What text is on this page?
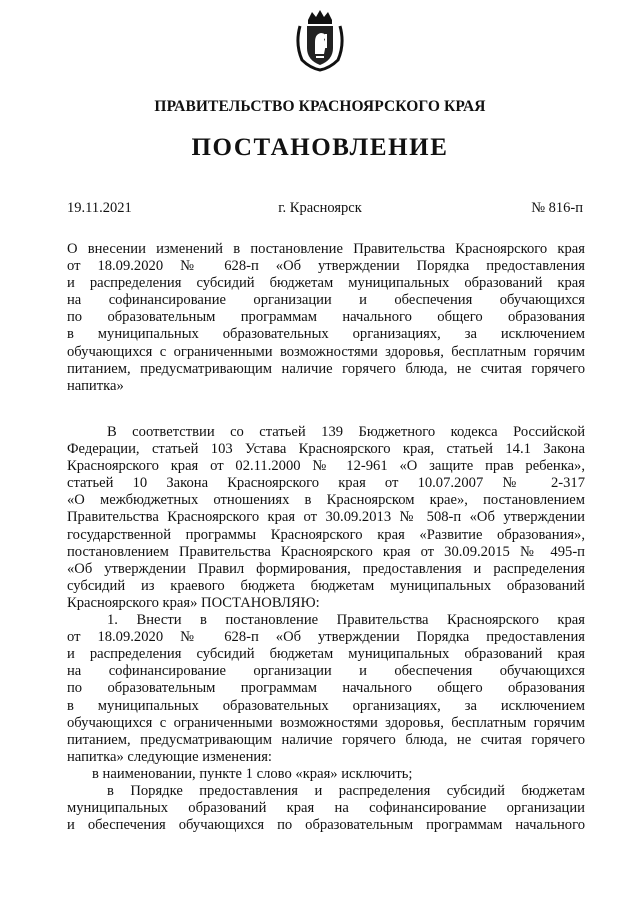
ПРАВИТЕЛЬСТВО КРАСНОЯРСКОГО КРАЯ
ПОСТАНОВЛЕНИЕ
19.11.2021	г. Красноярск	№ 816-п
О внесении изменений в постановление Правительства Красноярского края
от 18.09.2020 № 628-п «Об утверждении Порядка предоставления
и распределения субсидий бюджетам муниципальных образований края
на софинансирование организации и обеспечения обучающихся
по образовательным программам начального общего образования
в муниципальных образовательных организациях, за исключением
обучающихся с ограниченными возможностями здоровья, бесплатным горячим
питанием, предусматривающим наличие горячего блюда, не считая горячего
напитка»
В соответствии со статьей 139 Бюджетного кодекса Российской
Федерации, статьей 103 Устава Красноярского края, статьей 14.1 Закона
Красноярского края от 02.11.2000 № 12-961 «О защите прав ребенка»,
статьей 10 Закона Красноярского края от 10.07.2007 № 2-317
«О межбюджетных отношениях в Красноярском крае», постановлением
Правительства Красноярского края от 30.09.2013 № 508-п «Об утверждении
государственной программы Красноярского края «Развитие образования»,
постановлением Правительства Красноярского края от 30.09.2015 № 495-п
«Об утверждении Правил формирования, предоставления и распределения
субсидий из краевого бюджета бюджетам муниципальных образований
Красноярского края» ПОСТАНОВЛЯЮ:
1. Внести в постановление Правительства Красноярского края
от 18.09.2020 № 628-п «Об утверждении Порядка предоставления
и распределения субсидий бюджетам муниципальных образований края
на софинансирование организации и обеспечения обучающихся
по образовательным программам начального общего образования
в муниципальных образовательных организациях, за исключением
обучающихся с ограниченными возможностями здоровья, бесплатным горячим
питанием, предусматривающим наличие горячего блюда, не считая горячего
напитка» следующие изменения:
в наименовании, пункте 1 слово «края» исключить;
в Порядке предоставления и распределения субсидий бюджетам
муниципальных образований края на софинансирование организации
и обеспечения обучающихся по образовательным программам начального
